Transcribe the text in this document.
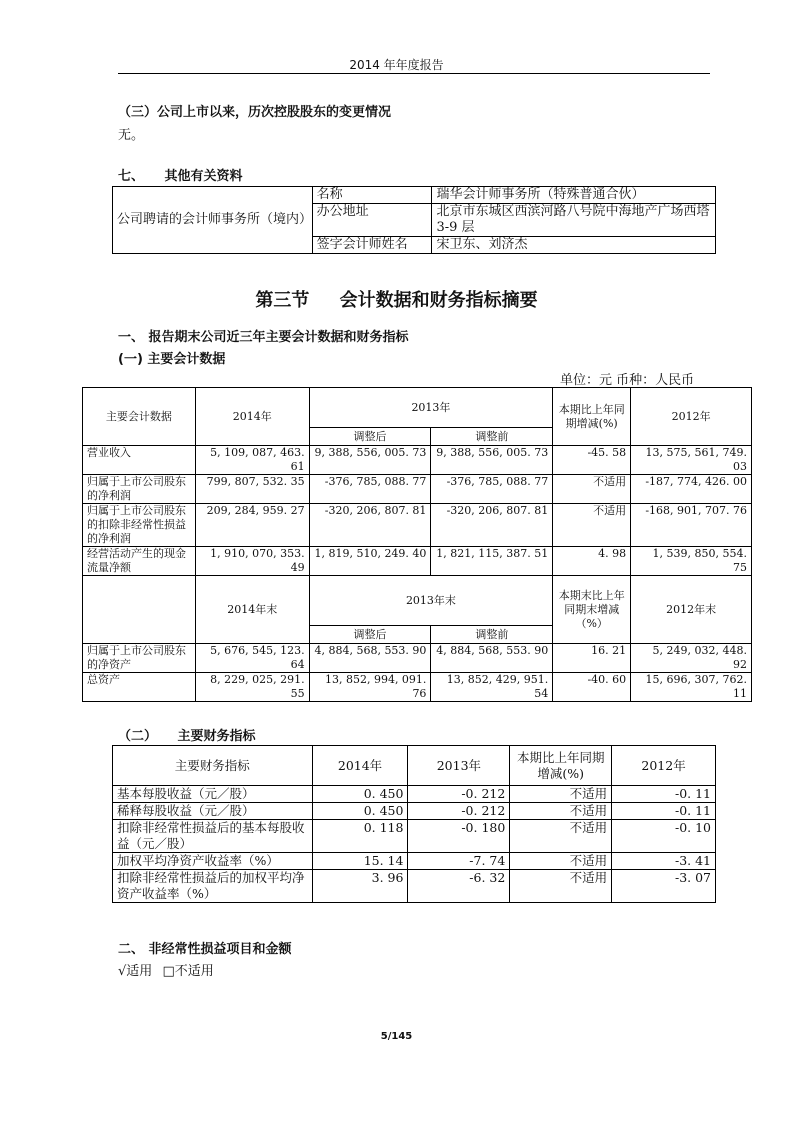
2014 年年度报告
（三）公司上市以来，历次控股股东的变更情况
无。
七、 其他有关资料
公司聘请的会计师事务所（境内）	名称	瑞华会计师事务所（特殊普通合伙）
	办公地址	北京市东城区西滨河路八号院中海地产广场西塔 3-9 层
	签字会计师姓名	宋卫东、刘济杰
第三节 会计数据和财务指标摘要
一、 报告期末公司近三年主要会计数据和财务指标
(一) 主要会计数据
单位：元 币种：人民币
主要会计数据	2014年	2013年		本期比上年同期增减(%)	2012年
		调整后	调整前		
营业收入	5, 109, 087, 463. 61	9, 388, 556, 005. 73	9, 388, 556, 005. 73	-45. 58	13, 575, 561, 749. 03
归属于上市公司股东的净利润	799, 807, 532. 35	-376, 785, 088. 77	-376, 785, 088. 77	不适用	-187, 774, 426. 00
归属于上市公司股东的扣除非经常性损益的净利润	209, 284, 959. 27	-320, 206, 807. 81	-320, 206, 807. 81	不适用	-168, 901, 707. 76
经营活动产生的现金流量净额	1, 910, 070, 353. 49	1, 819, 510, 249. 40	1, 821, 115, 387. 51	4. 98	1, 539, 850, 554. 75
	2014年末	2013年末		本期末比上年同期末增减（%）	2012年末
		调整后	调整前		
归属于上市公司股东的净资产	5, 676, 545, 123. 64	4, 884, 568, 553. 90	4, 884, 568, 553. 90	16. 21	5, 249, 032, 448. 92
总资产	8, 229, 025, 291. 55	13, 852, 994, 091. 76	13, 852, 429, 951. 54	-40. 60	15, 696, 307, 762. 11
（二） 主要财务指标
主要财务指标	2014年	2013年	本期比上年同期增减(%)	2012年
基本每股收益（元／股）	0. 450	-0. 212	不适用	-0. 11
稀释每股收益（元／股）	0. 450	-0. 212	不适用	-0. 11
扣除非经常性损益后的基本每股收益（元／股）	0. 118	-0. 180	不适用	-0. 10
加权平均净资产收益率（%）	15. 14	-7. 74	不适用	-3. 41
扣除非经常性损益后的加权平均净资产收益率（%）	3. 96	-6. 32	不适用	-3. 07
二、 非经常性损益项目和金额
√适用 □不适用
5/145
